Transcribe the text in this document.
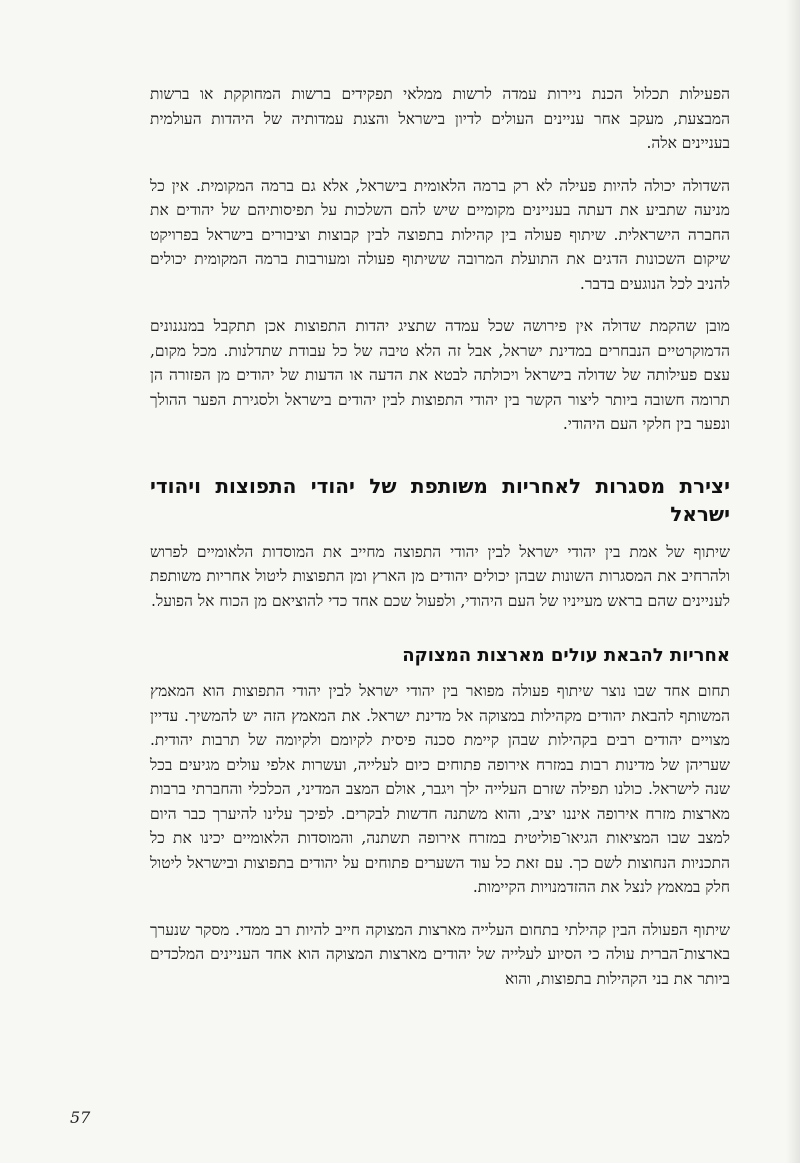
הפעילות תכלול הכנת ניירות עמדה לרשות ממלאי תפקידים ברשות המחוקקת או ברשות המבצעת, מעקב אחר עניינים העולים לדיון בישראל והצגת עמדותיה של היהדות העולמית בעניינים אלה.

השדולה יכולה להיות פעילה לא רק ברמה הלאומית בישראל, אלא גם ברמה המקומית. אין כל מניעה שתביע את דעתה בעניינים מקומיים שיש להם השלכות על תפיסותיהם של יהודים את החברה הישראלית. שיתוף פעולה בין קהילות בתפוצה לבין קבוצות וציבורים בישראל בפרויקט שיקום השכונות הדגים את התועלת המרובה ששיתוף פעולה ומעורבות ברמה המקומית יכולים להניב לכל הנוגעים בדבר.

מובן שהקמת שדולה אין פירושה שכל עמדה שתציג יהדות התפוצות אכן תתקבל במנגנונים הדמוקרטיים הנבחרים במדינת ישראל, אבל זה הלא טיבה של כל עבודת שתדלנות. מכל מקום, עצם פעילותה של שדולה בישראל ויכולתה לבטא את הדעה או הדעות של יהודים מן הפזורה הן תרומה חשובה ביותר ליצור הקשר בין יהודי התפוצות לבין יהודים בישראל ולסגירת הפער ההולך ונפער בין חלקי העם היהודי.

יצירת מסגרות לאחריות משותפת של יהודי התפוצות ויהודי ישראל

שיתוף של אמת בין יהודי ישראל לבין יהודי התפוצה מחייב את המוסדות הלאומיים לפרוש ולהרחיב את המסגרות השונות שבהן יכולים יהודים מן הארץ ומן התפוצות ליטול אחריות משותפת לעניינים שהם בראש מעייניו של העם היהודי, ולפעול שכם אחד כדי להוציאם מן הכוח אל הפועל.

אחריות להבאת עולים מארצות המצוקה

תחום אחד שבו נוצר שיתוף פעולה מפואר בין יהודי ישראל לבין יהודי התפוצות הוא המאמץ המשותף להבאת יהודים מקהילות במצוקה אל מדינת ישראל. את המאמץ הזה יש להמשיך. עדיין מצויים יהודים רבים בקהילות שבהן קיימת סכנה פיסית לקיומם ולקיומה של תרבות יהודית. שעריהן של מדינות רבות במזרח אירופה פתוחים כיום לעלייה, ועשרות אלפי עולים מגיעים בכל שנה לישראל. כולנו תפילה שזרם העלייה ילך ויגבר, אולם המצב המדיני, הכלכלי והחברתי ברבות מארצות מזרח אירופה איננו יציב, והוא משתנה חדשות לבקרים. לפיכך עלינו להיערך כבר היום למצב שבו המציאות הגיאו־פוליטית במזרח אירופה תשתנה, והמוסדות הלאומיים יכינו את כל התכניות הנחוצות לשם כך. עם זאת כל עוד השערים פתוחים על יהודים בתפוצות ובישראל ליטול חלק במאמץ לנצל את ההזדמנויות הקיימות.

שיתוף הפעולה הבין קהילתי בתחום העלייה מארצות המצוקה חייב להיות רב ממדי. מסקר שנערך בארצות־הברית עולה כי הסיוע לעלייה של יהודים מארצות המצוקה הוא אחד העניינים המלכדים ביותר את בני הקהילות בתפוצות, והוא

57
